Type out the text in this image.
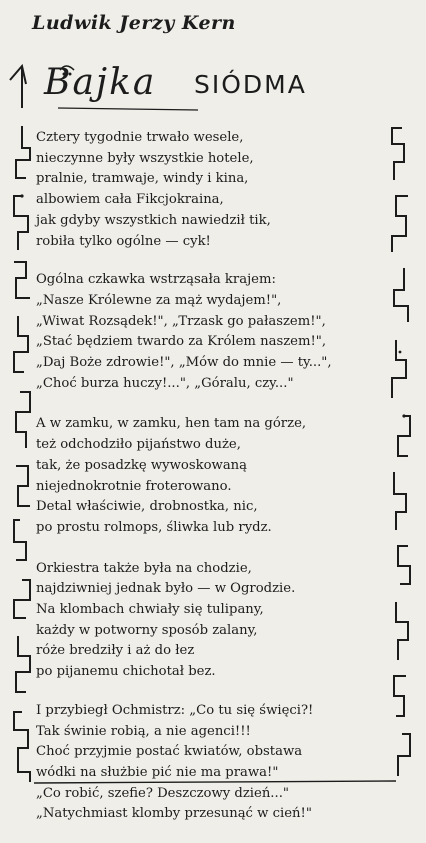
Ludwik Jerzy Kern
Bajka SIÓDMA

Cztery tygodnie trwało wesele,
nieczynne były wszystkie hotele,
pralnie, tramwaje, windy i kina,
albowiem cała Fikcjokraina,
jak gdyby wszystkich nawiedził tik,
robiła tylko ogólne — cyk!

Ogólna czkawka wstrząsała krajem:
„Nasze Królewne za mąż wydajem!",
„Wiwat Rozsądek!", „Trzask go pałaszem!",
„Stać będziem twardo za Królem naszem!",
„Daj Boże zdrowie!", „Mów do mnie — ty...",
„Choć burza huczy!...", „Góralu, czy..."

A w zamku, w zamku, hen tam na górze,
też odchodziło pijaństwo duże,
tak, że posadzkę wywoskowaną
niejednokrotnie froterowano.
Detal właściwie, drobnostka, nic,
po prostu rolmops, śliwka lub rydz.

Orkiestra także była na chodzie,
najdziwniej jednak było — w Ogrodzie.
Na klombach chwiały się tulipany,
każdy w potworny sposób zalany,
róże bredziły i aż do łez
po pijanemu chichotał bez.

I przybiegł Ochmistrz: „Co tu się święci?!
Tak świnie robią, a nie agenci!!!
Choć przyjmie postać kwiatów, obstawa
wódki na służbie pić nie ma prawa!"
„Co robić, szefie? Deszczowy dzień..."
„Natychmiast klomby przesunąć w cień!"
